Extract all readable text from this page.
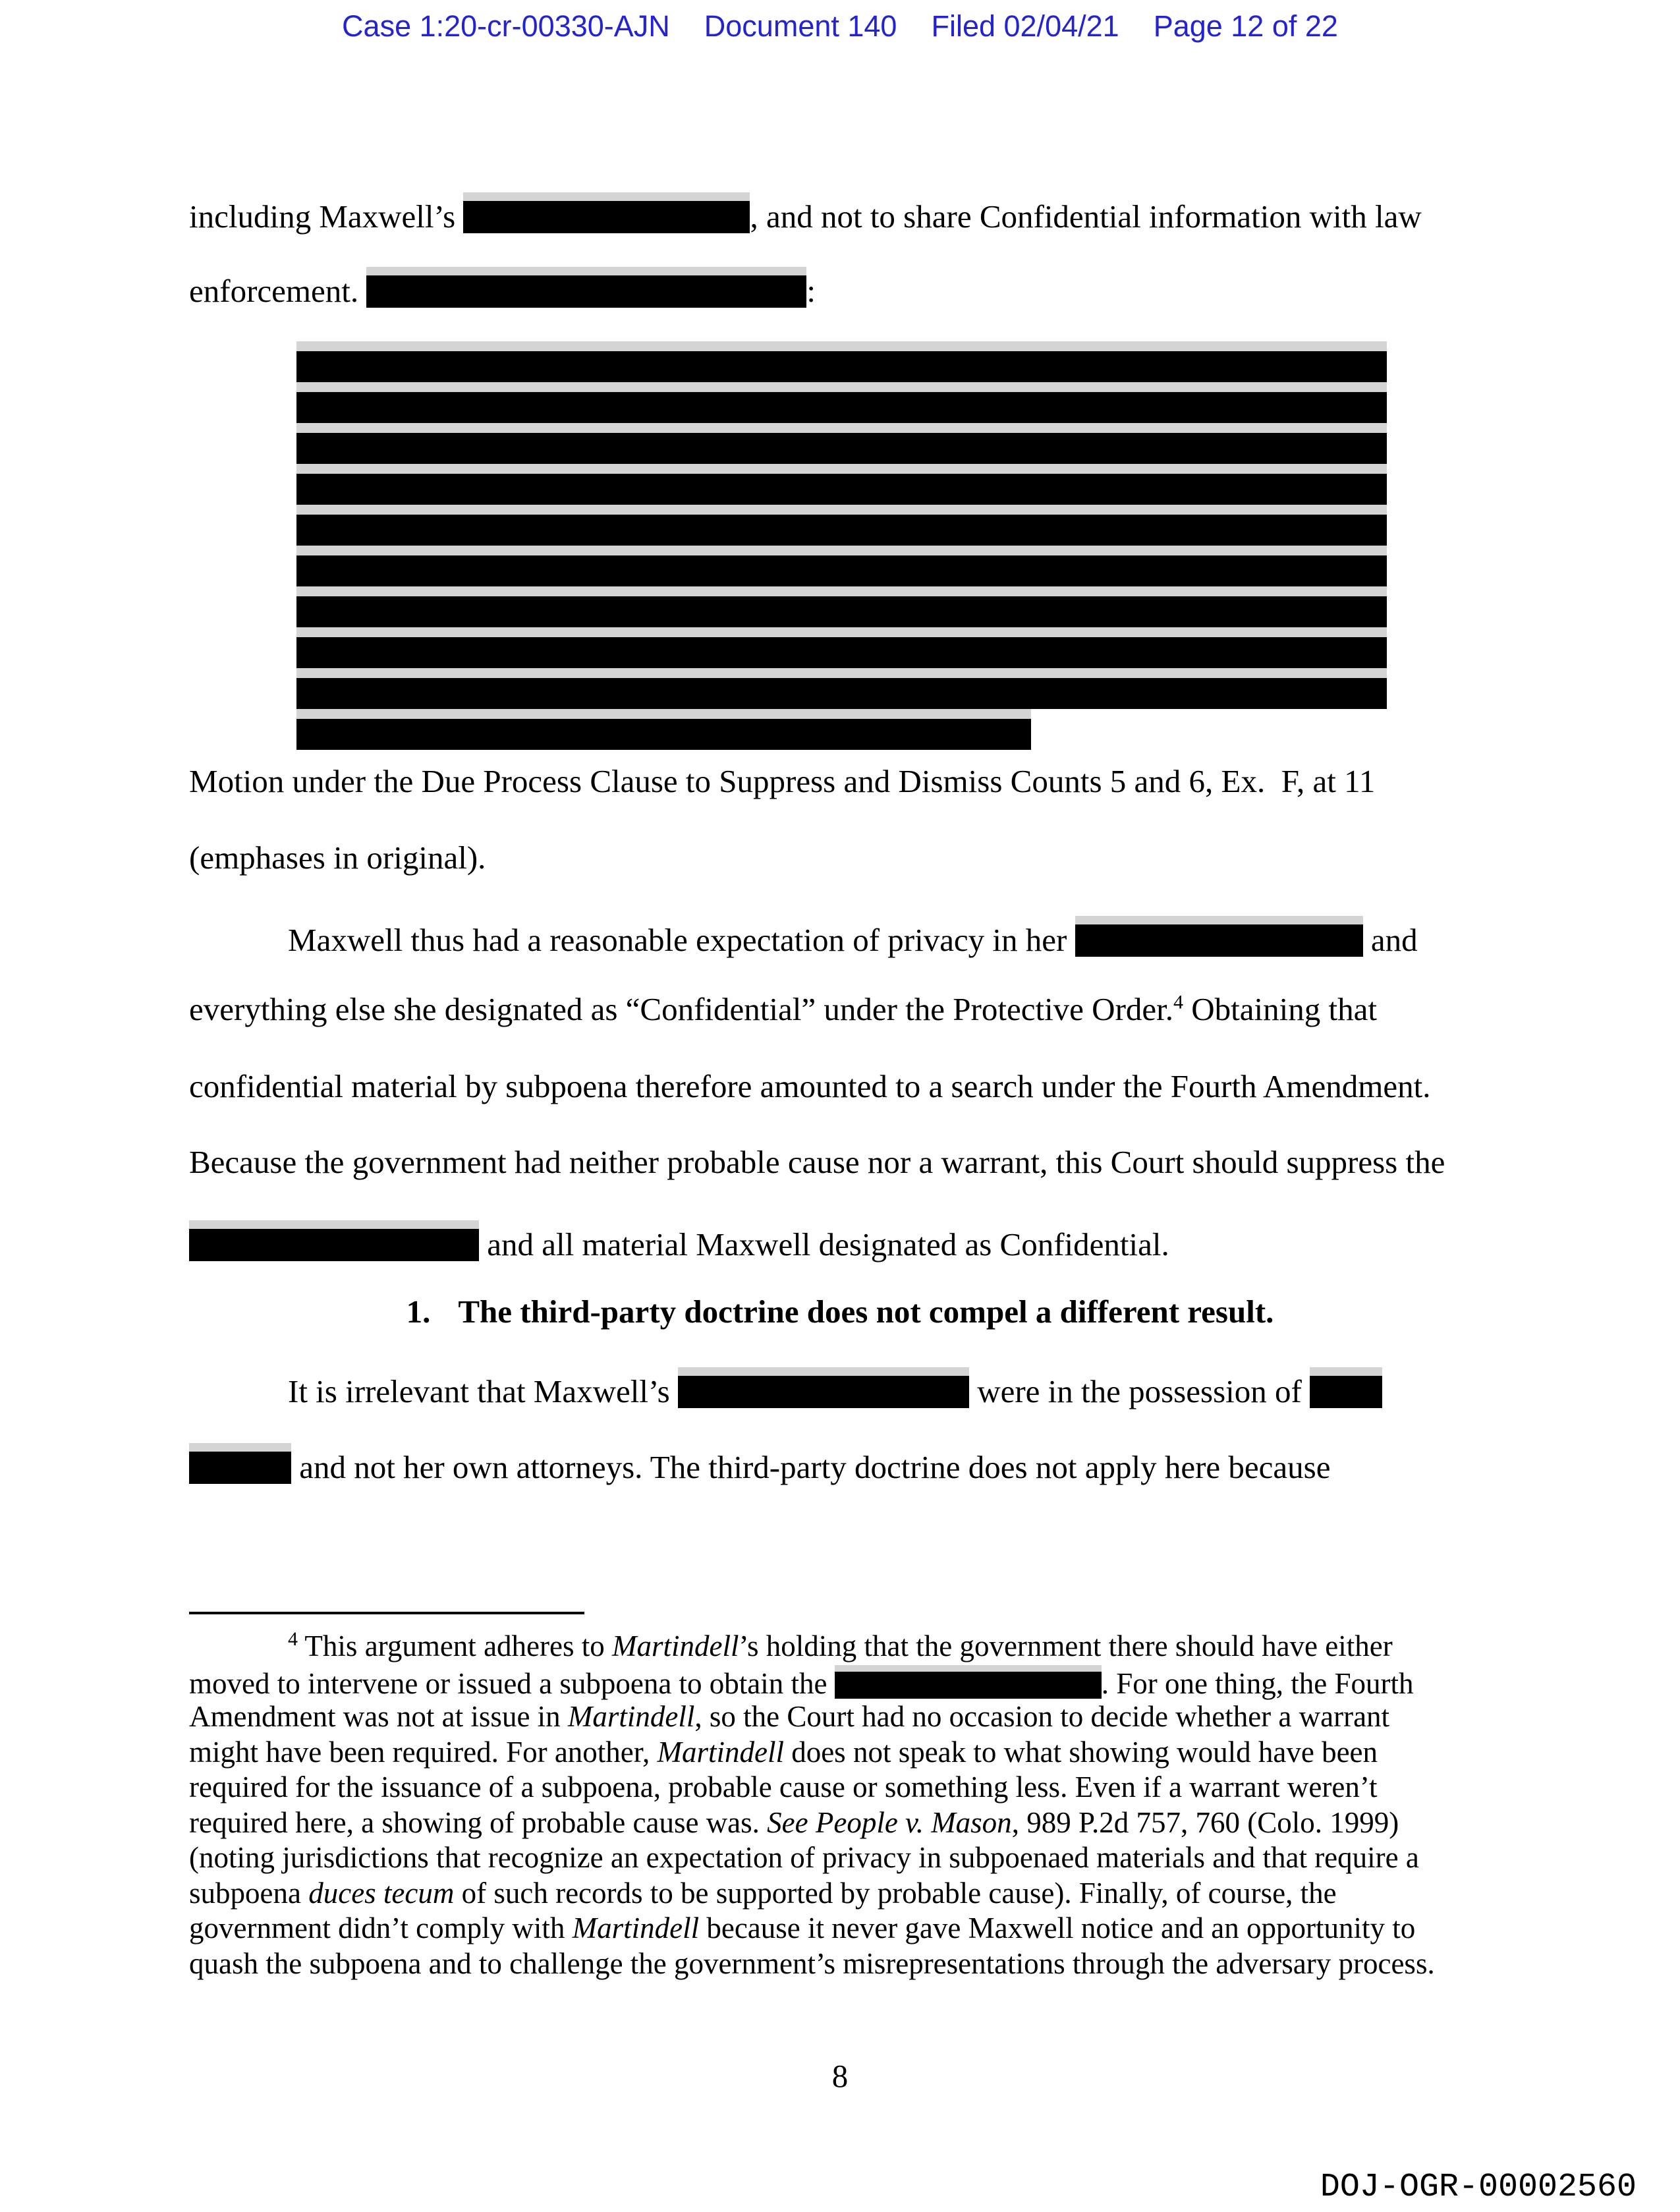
Case 1:20-cr-00330-AJN Document 140 Filed 02/04/21 Page 12 of 22
including Maxwell’s	, and not to share Confidential information with law
enforcement.	:
Motion under the Due Process Clause to Suppress and Dismiss Counts 5 and 6, Ex.  F, at 11
(emphases in original).
Maxwell thus had a reasonable expectation of privacy in her	and
everything else she designated as “Confidential” under the Protective Order.$^4$ Obtaining that
confidential material by subpoena therefore amounted to a search under the Fourth Amendment.
Because the government had neither probable cause nor a warrant, this Court should suppress the
and all material Maxwell designated as Confidential.
1. The third-party doctrine does not compel a different result.
It is irrelevant that Maxwell’s	were in the possession of
and not her own attorneys. The third-party doctrine does not apply here because
$^4$ This argument adheres to Martindell’s holding that the government there should have either
moved to intervene or issued a subpoena to obtain the	. For one thing, the Fourth
Amendment was not at issue in Martindell, so the Court had no occasion to decide whether a warrant
might have been required. For another, Martindell does not speak to what showing would have been
required for the issuance of a subpoena, probable cause or something less. Even if a warrant weren’t
required here, a showing of probable cause was. See People v. Mason, 989 P.2d 757, 760 (Colo. 1999)
(noting jurisdictions that recognize an expectation of privacy in subpoenaed materials and that require a
subpoena duces tecum of such records to be supported by probable cause). Finally, of course, the
government didn’t comply with Martindell because it never gave Maxwell notice and an opportunity to
quash the subpoena and to challenge the government’s misrepresentations through the adversary process.
8
DOJ-OGR-00002560
